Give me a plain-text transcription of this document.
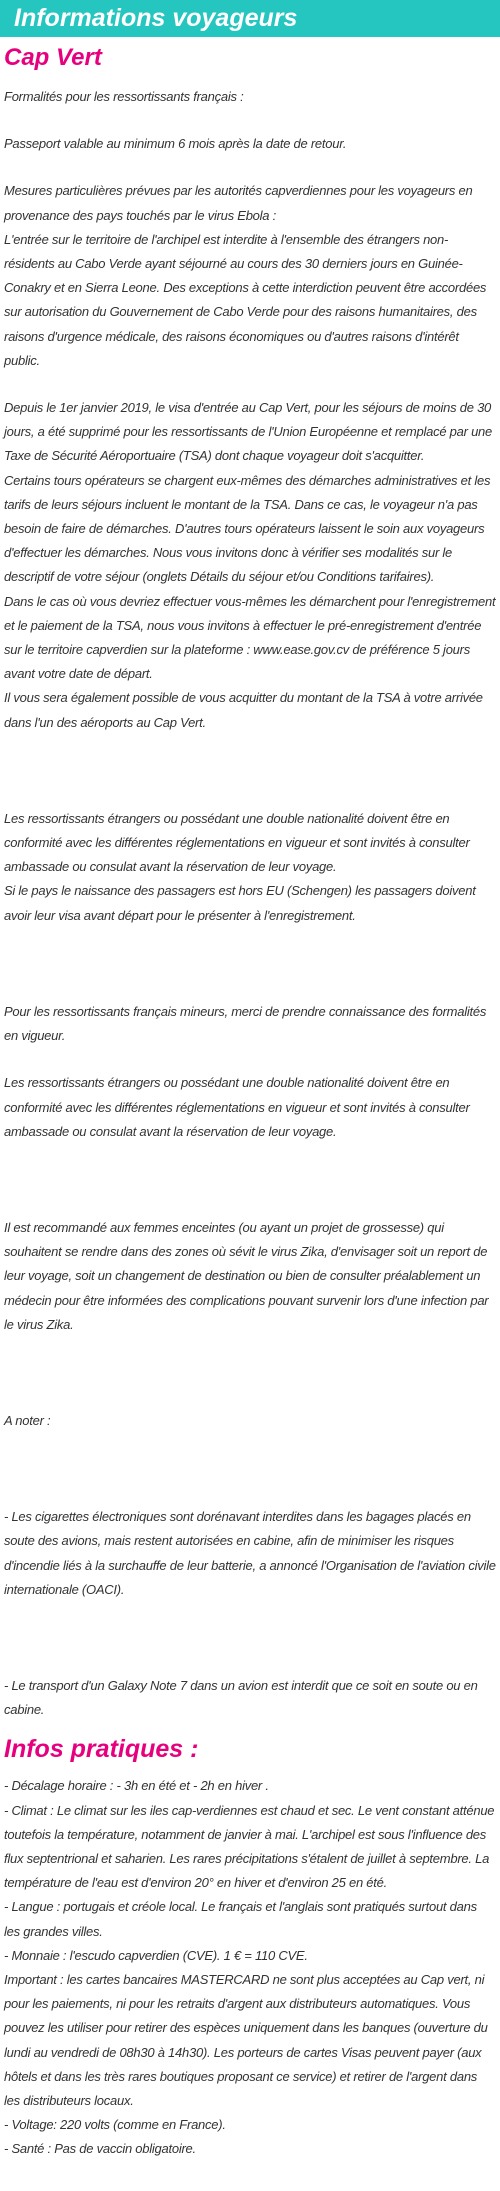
Informations voyageurs
Cap Vert

Formalités pour les ressortissants français :

Passeport valable au minimum 6 mois après la date de retour.

Mesures particulières prévues par les autorités capverdiennes pour les voyageurs en provenance des pays touchés par le virus Ebola :

L'entrée sur le territoire de l'archipel est interdite à l'ensemble des étrangers non-résidents au Cabo Verde ayant séjourné au cours des 30 derniers jours en Guinée-Conakry et en Sierra Leone. Des exceptions à cette interdiction peuvent être accordées sur autorisation du Gouvernement de Cabo Verde pour des raisons humanitaires, des raisons d'urgence médicale, des raisons économiques ou d'autres raisons d'intérêt public.

Depuis le 1er janvier 2019, le visa d'entrée au Cap Vert, pour les séjours de moins de 30 jours, a été supprimé pour les ressortissants de l'Union Européenne et remplacé par une Taxe de Sécurité Aéroportuaire (TSA) dont chaque voyageur doit s'acquitter.

Certains tours opérateurs se chargent eux-mêmes des démarches administratives et les tarifs de leurs séjours incluent le montant de la TSA. Dans ce cas, le voyageur n'a pas besoin de faire de démarches. D'autres tours opérateurs laissent le soin aux voyageurs d'effectuer les démarches. Nous vous invitons donc à vérifier ses modalités sur le descriptif de votre séjour (onglets Détails du séjour et/ou Conditions tarifaires).

Dans le cas où vous devriez effectuer vous-mêmes les démarchent pour l'enregistrement et le paiement de la TSA, nous vous invitons à effectuer le pré-enregistrement d'entrée sur le territoire capverdien sur la plateforme : www.ease.gov.cv de préférence 5 jours avant votre date de départ.

Il vous sera également possible de vous acquitter du montant de la TSA à votre arrivée dans l'un des aéroports au Cap Vert.

Les ressortissants étrangers ou possédant une double nationalité doivent être en conformité avec les différentes réglementations en vigueur et sont invités à consulter ambassade ou consulat avant la réservation de leur voyage.

Si le pays le naissance des passagers est hors EU (Schengen) les passagers doivent avoir leur visa avant départ pour le présenter à l'enregistrement.

Pour les ressortissants français mineurs, merci de prendre connaissance des formalités en vigueur.

Les ressortissants étrangers ou possédant une double nationalité doivent être en conformité avec les différentes réglementations en vigueur et sont invités à consulter ambassade ou consulat avant la réservation de leur voyage.

Il est recommandé aux femmes enceintes (ou ayant un projet de grossesse) qui souhaitent se rendre dans des zones où sévit le virus Zika, d'envisager soit un report de leur voyage, soit un changement de destination ou bien de consulter préalablement un médecin pour être informées des complications pouvant survenir lors d'une infection par le virus Zika.

A noter :

- Les cigarettes électroniques sont dorénavant interdites dans les bagages placés en soute des avions, mais restent autorisées en cabine, afin de minimiser les risques d'incendie liés à la surchauffe de leur batterie, a annoncé l'Organisation de l'aviation civile internationale (OACI).

- Le transport d'un Galaxy Note 7 dans un avion est interdit que ce soit en soute ou en cabine.

Infos pratiques :

- Décalage horaire : - 3h en été et - 2h en hiver .

- Climat : Le climat sur les iles cap-verdiennes est chaud et sec. Le vent constant atténue toutefois la température, notamment de janvier à mai. L'archipel est sous l'influence des flux septentrional et saharien. Les rares précipitations s'étalent de juillet à septembre. La température de l'eau est d'environ 20° en hiver et d'environ 25 en été.

- Langue : portugais et créole local. Le français et l'anglais sont pratiqués surtout dans les grandes villes.

- Monnaie : l'escudo capverdien (CVE). 1 € = 110 CVE.

Important : les cartes bancaires MASTERCARD ne sont plus acceptées au Cap vert, ni pour les paiements, ni pour les retraits d'argent aux distributeurs automatiques. Vous pouvez les utiliser pour retirer des espèces uniquement dans les banques (ouverture du lundi au vendredi de 08h30 à 14h30). Les porteurs de cartes Visas peuvent payer (aux hôtels et dans les très rares boutiques proposant ce service) et retirer de l'argent dans les distributeurs locaux.

- Voltage: 220 volts (comme en France).

- Santé : Pas de vaccin obligatoire.
